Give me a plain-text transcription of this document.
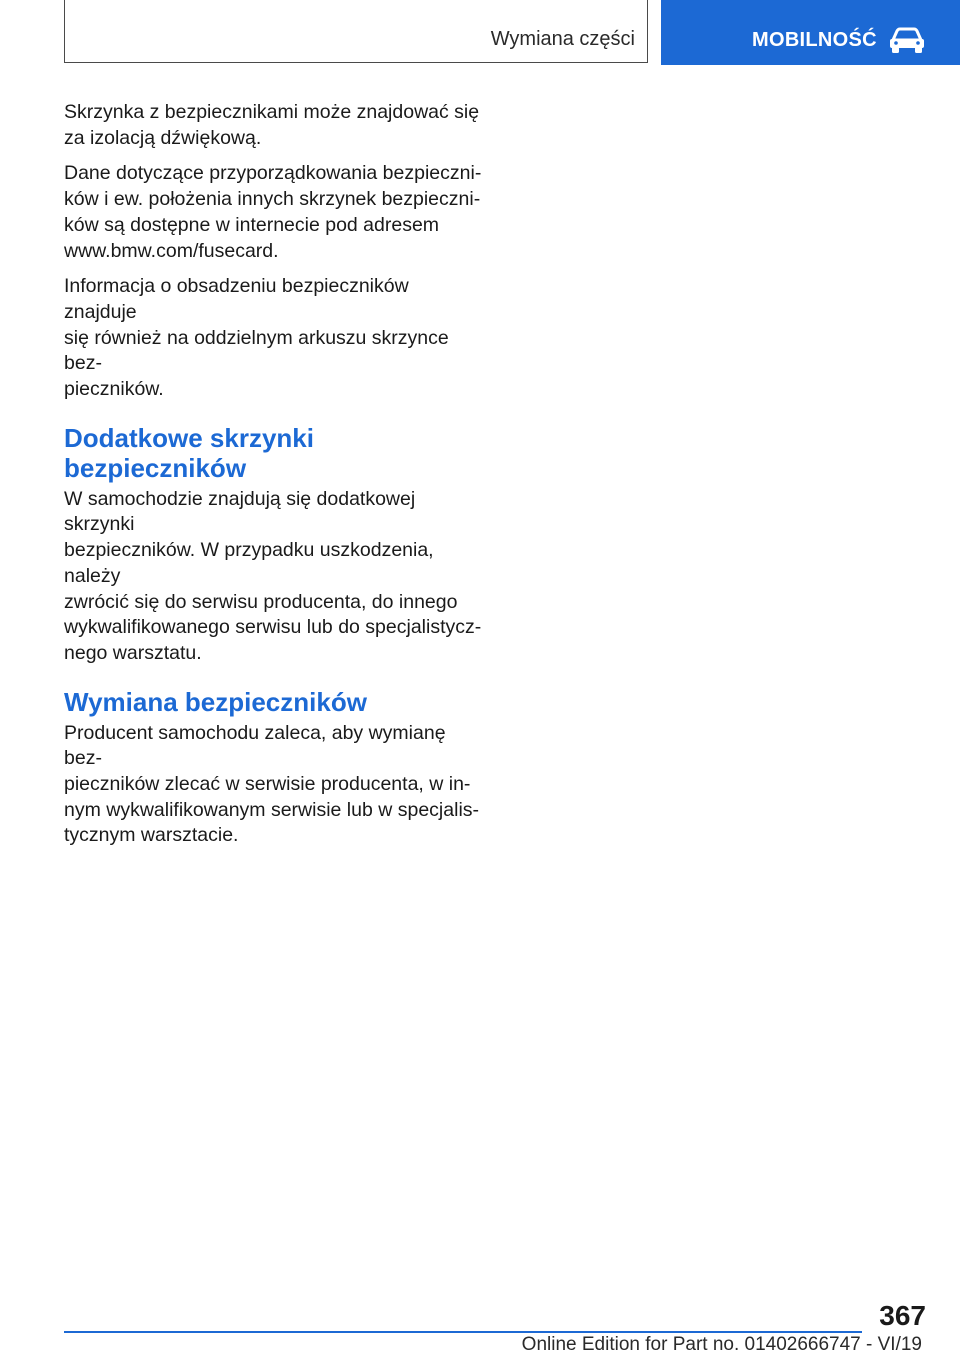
Wymiana części	MOBILNOŚĆ

Skrzynka z bezpiecznikami może znajdować się
za izolacją dźwiękową.

Dane dotyczące przyporządkowania bezpieczni-
ków i ew. położenia innych skrzynek bezpieczni-
ków są dostępne w internecie pod adresem
www.bmw.com/fusecard.

Informacja o obsadzeniu bezpieczników znajduje
się również na oddzielnym arkuszu skrzynce bez-
pieczników.

Dodatkowe skrzynki
bezpieczników

W samochodzie znajdują się dodatkowej skrzynki
bezpieczników. W przypadku uszkodzenia, należy
zwrócić się do serwisu producenta, do innego
wykwalifikowanego serwisu lub do specjalistycz-
nego warsztatu.

Wymiana bezpieczników

Producent samochodu zaleca, aby wymianę bez-
pieczników zlecać w serwisie producenta, w in-
nym wykwalifikowanym serwisie lub w specjalis-
tycznym warsztacie.

367
Online Edition for Part no. 01402666747 - VI/19
